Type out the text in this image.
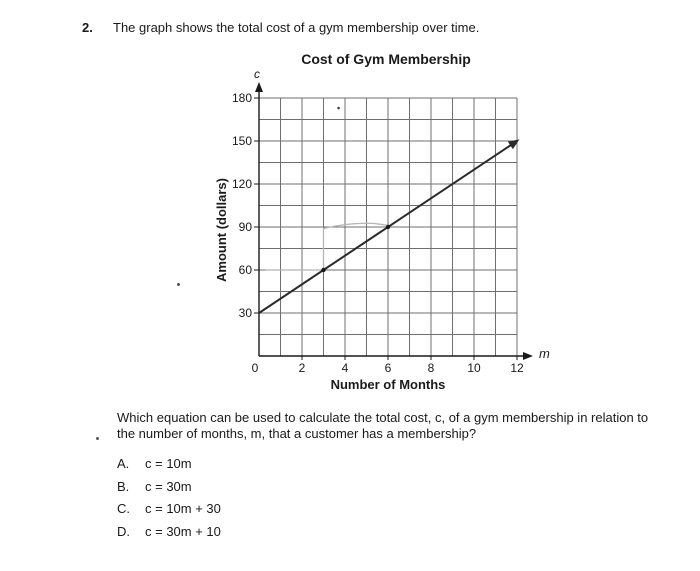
2. The graph shows the total cost of a gym membership over time.
Cost of Gym Membership
Number of Months
Amount (dollars)
c
m
30
60
90
120
150
180
2	4	6	8	10 12
0
Which equation can be used to calculate the total cost, c, of a gym membership in relation to the number of months, m, that a customer has a membership?
A.	c = 10m
B.	c = 30m
C.	c = 10m + 30
D.	c = 30m + 10
